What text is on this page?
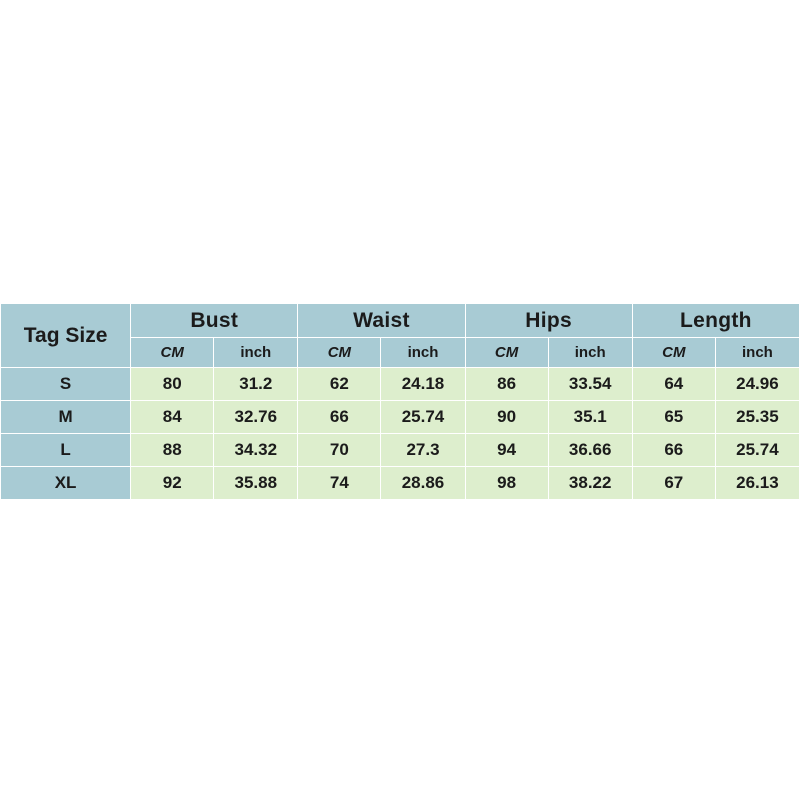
Tag Size	Bust		Waist		Hips		Length	
	CM	inch	CM	inch	CM	inch	CM	inch
S	80	31.2	62	24.18	86	33.54	64	24.96
M	84	32.76	66	25.74	90	35.1	65	25.35
L	88	34.32	70	27.3	94	36.66	66	25.74
XL	92	35.88	74	28.86	98	38.22	67	26.13
